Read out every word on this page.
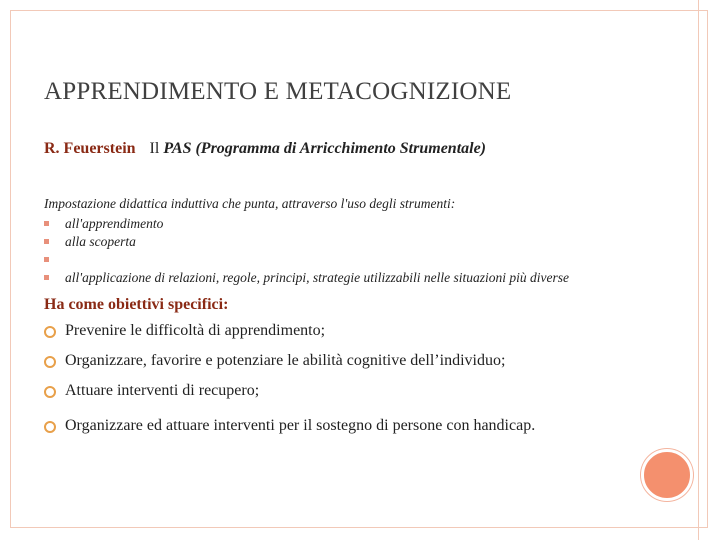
APPRENDIMENTO E METACOGNIZIONE
R. Feuerstein Il PAS (Programma di Arricchimento Strumentale)
Impostazione didattica induttiva che punta, attraverso l'uso degli strumenti:
all'apprendimento
alla scoperta
all'applicazione di relazioni, regole, principi, strategie utilizzabili nelle situazioni più diverse
Ha come obiettivi specifici:
Prevenire le difficoltà di apprendimento;
Organizzare, favorire e potenziare le abilità cognitive dell’individuo;
Attuare interventi di recupero;
Organizzare ed attuare interventi per il sostegno di persone con handicap.
